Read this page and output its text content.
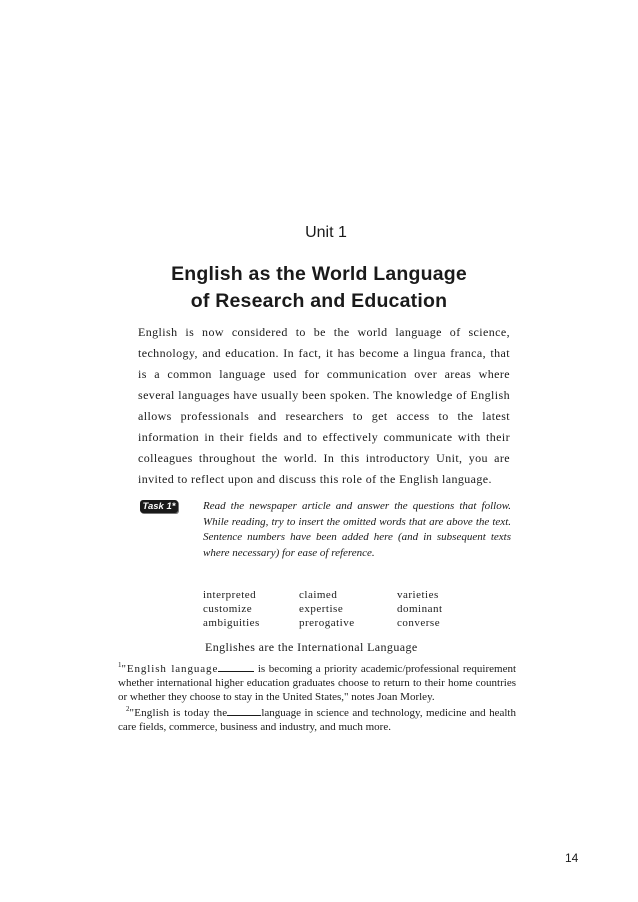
Unit 1
English as the World Language
of Research and Education
English is now considered to be the world language of science, technology, and education. In fact, it has become a lingua franca, that is a common language used for communication over areas where several languages have usually been spoken. The knowledge of English allows professionals and researchers to get access to the latest information in their fields and to effectively communicate with their colleagues throughout the world. In this introductory Unit, you are invited to reflect upon and discuss this role of the English language.
Task 1*	Read the newspaper article and answer the questions that follow. While reading, try to insert the omitted words that are above the text. Sentence numbers have been added here (and in subsequent texts where necessary) for ease of reference.
interpreted	claimed	varieties
customize	expertise	dominant
ambiguities	prerogative	converse
Englishes are the International Language

$^1$"English language	is becoming a priority academic/professional requirement whether international higher education graduates choose to return to their home countries or whether they choose to stay in the United States," notes Joan Morley.

$^2$"English is today the	language in science and technology, medicine and health care fields, commerce, business and industry, and much more.

14
